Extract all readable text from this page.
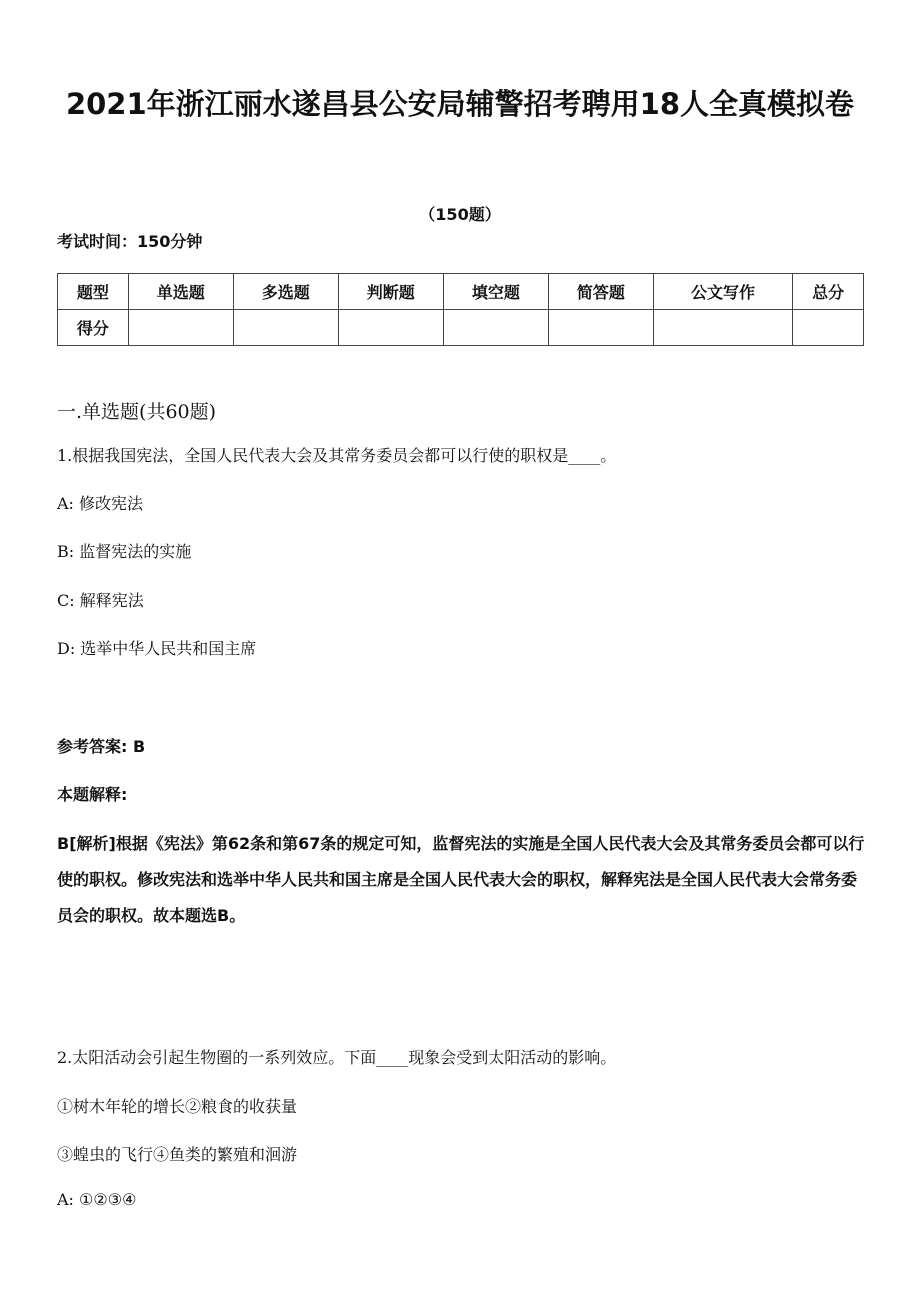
2021年浙江丽水遂昌县公安局辅警招考聘用18人全真模拟卷
（150题）
考试时间：150分钟
题型	单选题	多选题	判断题	填空题	简答题	公文写作	总分
得分							
一.单选题(共60题)
1.根据我国宪法，全国人民代表大会及其常务委员会都可以行使的职权是____。
A: 修改宪法
B: 监督宪法的实施
C: 解释宪法
D: 选举中华人民共和国主席
参考答案: B
本题解释:
B[解析]根据《宪法》第62条和第67条的规定可知，监督宪法的实施是全国人民代表大会及其常务委员会都可以行使的职权。修改宪法和选举中华人民共和国主席是全国人民代表大会的职权，解释宪法是全国人民代表大会常务委员会的职权。故本题选B。
2.太阳活动会引起生物圈的一系列效应。下面____现象会受到太阳活动的影响。
①树木年轮的增长②粮食的收获量
③蝗虫的飞行④鱼类的繁殖和洄游
A: ①②③④
